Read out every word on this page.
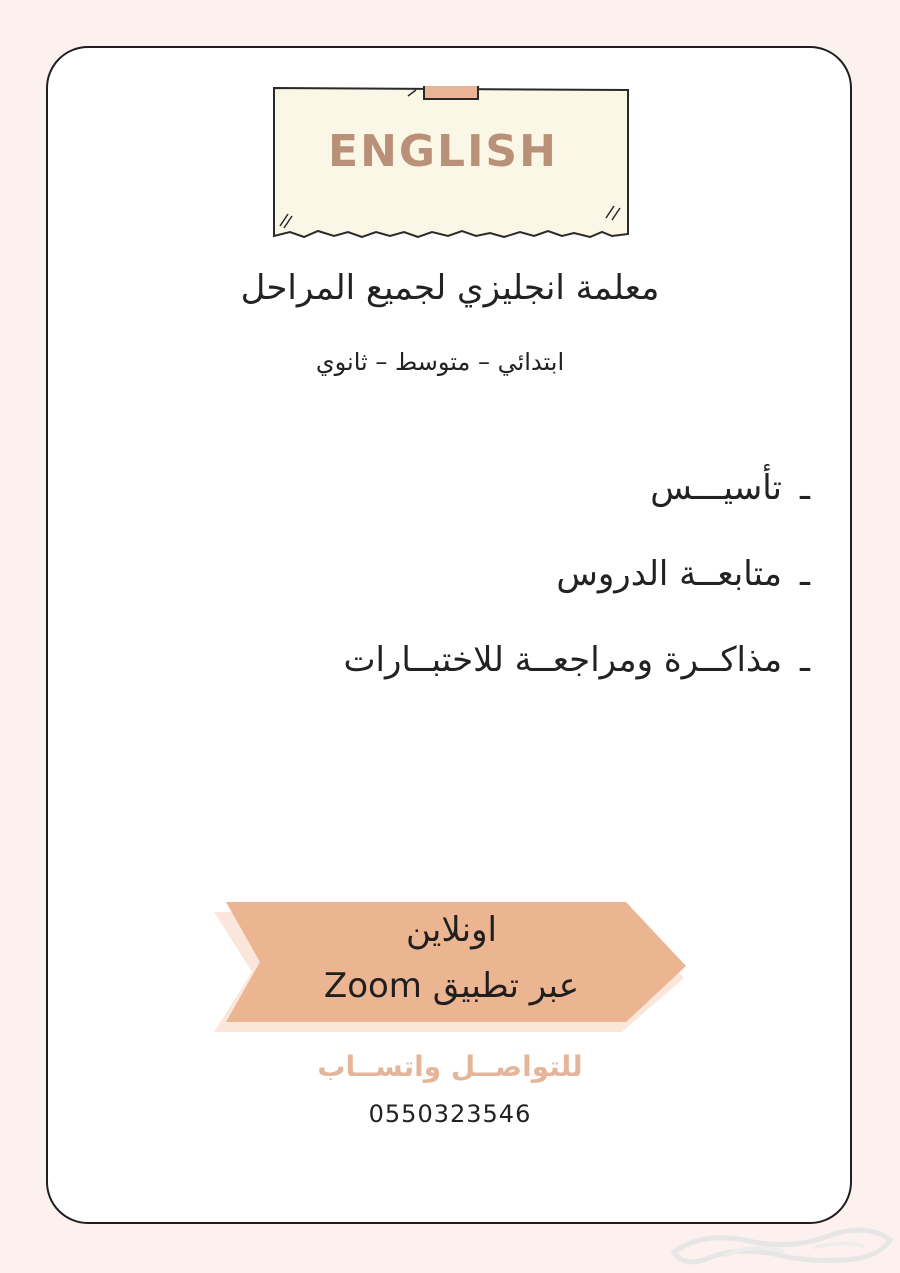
ENGLISH
معلمة انجليزي لجميع المراحل
ابتدائي – متوسط – ثانوي
ـتأسيـــس
ـمتابعــة الدروس
ـمذاكــرة ومراجعــة للاختبــارات
اونلاين
عبر تطبيق Zoom
للتواصــل واتســاب
0550323546
